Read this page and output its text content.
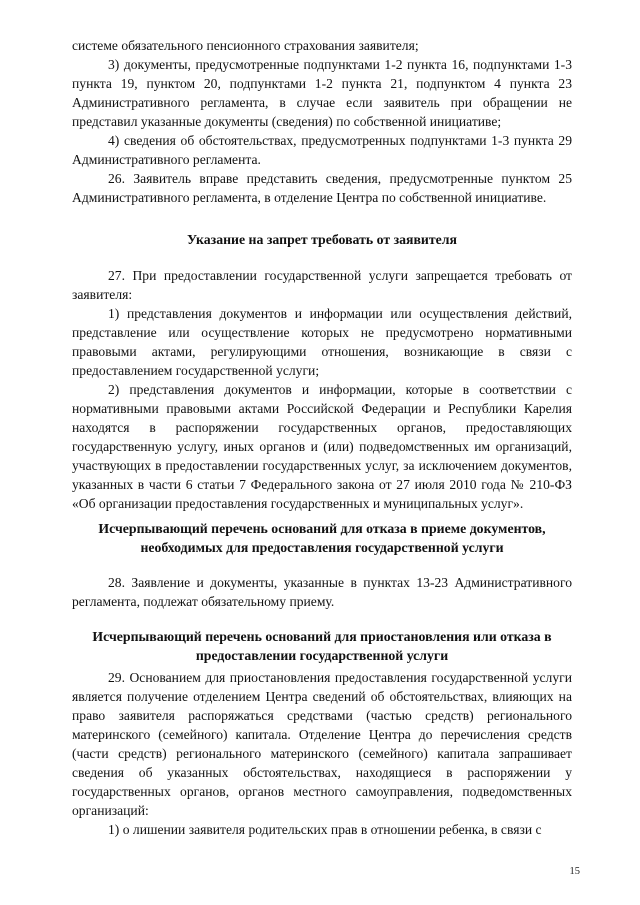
системе обязательного пенсионного страхования заявителя;

3) документы, предусмотренные подпунктами 1-2 пункта 16, подпунктами 1-3 пункта 19, пунктом 20, подпунктами 1-2 пункта 21, подпунктом 4 пункта 23 Административного регламента, в случае если заявитель при обращении не представил указанные документы (сведения) по собственной инициативе;

4) сведения об обстоятельствах, предусмотренных подпунктами 1-3 пункта 29 Административного регламента.

26. Заявитель вправе представить сведения, предусмотренные пунктом 25 Административного регламента, в отделение Центра по собственной инициативе.

Указание на запрет требовать от заявителя

27. При предоставлении государственной услуги запрещается требовать от заявителя:

1) представления документов и информации или осуществления действий, представление или осуществление которых не предусмотрено нормативными правовыми актами, регулирующими отношения, возникающие в связи с предоставлением государственной услуги;

2) представления документов и информации, которые в соответствии с нормативными правовыми актами Российской Федерации и Республики Карелия находятся в распоряжении государственных органов, предоставляющих государственную услугу, иных органов и (или) подведомственных им организаций, участвующих в предоставлении государственных услуг, за исключением документов, указанных в части 6 статьи 7 Федерального закона от 27 июля 2010 года № 210-ФЗ «Об организации предоставления государственных и муниципальных услуг».

Исчерпывающий перечень оснований для отказа в приеме документов, необходимых для предоставления государственной услуги

28. Заявление и документы, указанные в пунктах 13-23 Административного регламента, подлежат обязательному приему.

Исчерпывающий перечень оснований для приостановления или отказа в предоставлении государственной услуги

29. Основанием для приостановления предоставления государственной услуги является получение отделением Центра сведений об обстоятельствах, влияющих на право заявителя распоряжаться средствами (частью средств) регионального материнского (семейного) капитала. Отделение Центра до перечисления средств (части средств) регионального материнского (семейного) капитала запрашивает сведения об указанных обстоятельствах, находящиеся в распоряжении у государственных органов, органов местного самоуправления, подведомственных организаций:

1) о лишении заявителя родительских прав в отношении ребенка, в связи с

15
